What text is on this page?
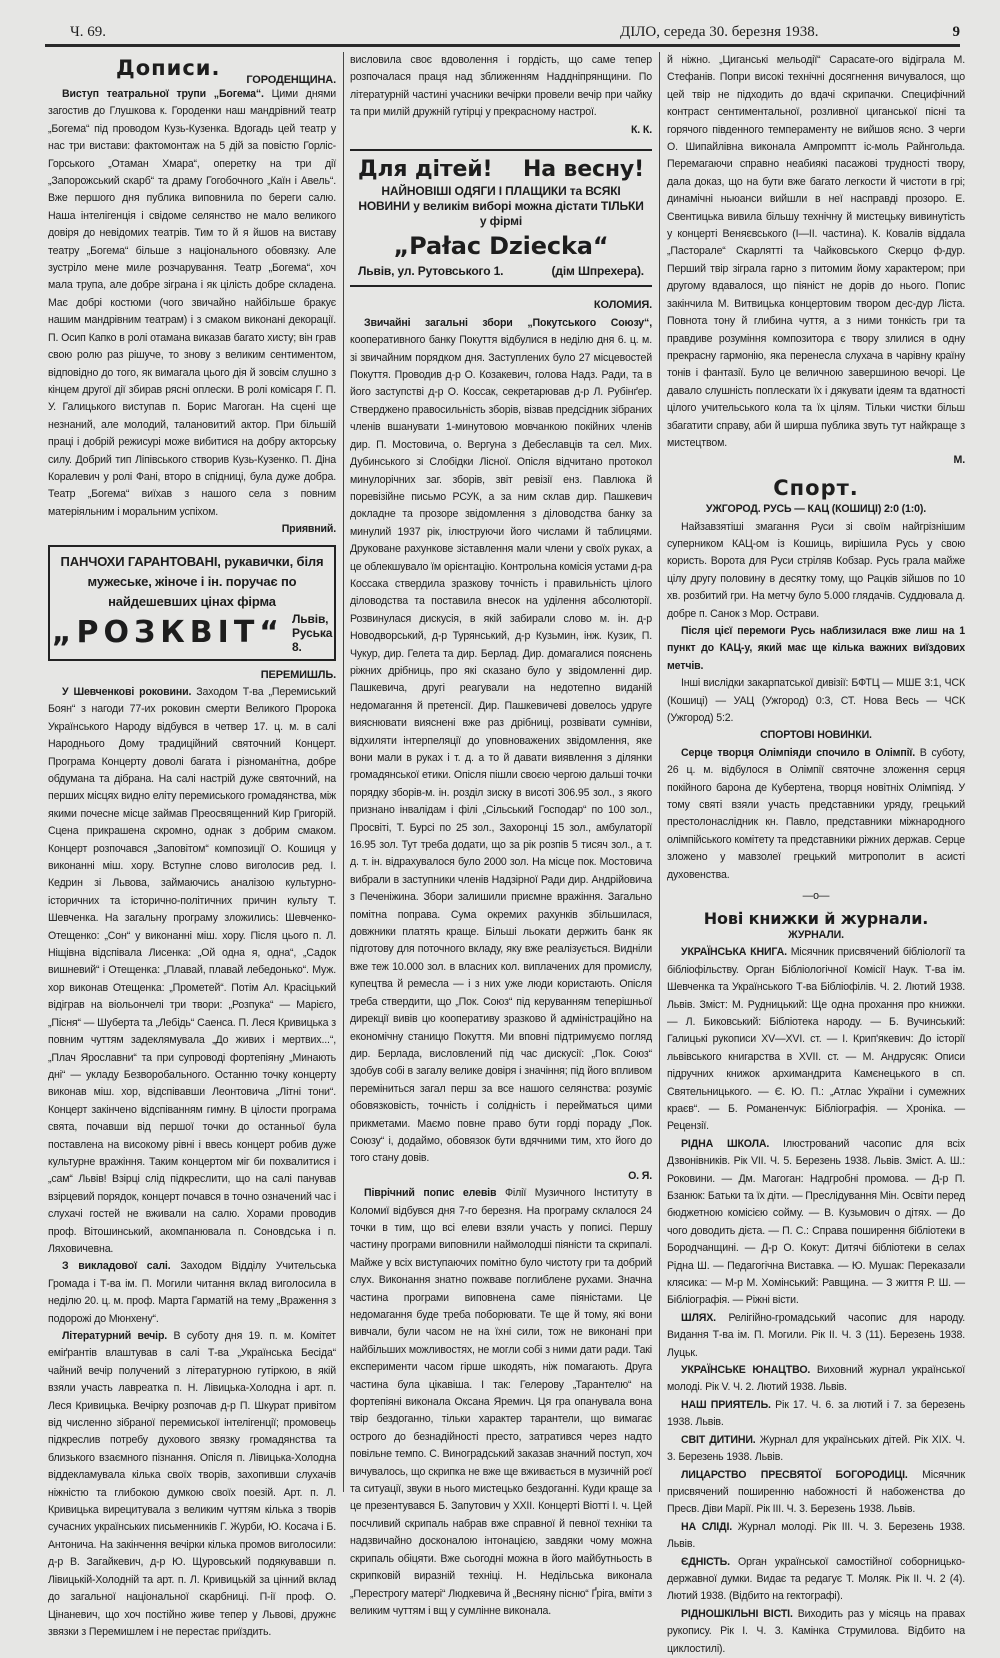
Ч. 69.	ДІЛО, середа 30. березня 1938.	9
Дописи. ГОРОДЕНЩИНА.

Виступ театральної трупи „Богема“. Цими днями загостив до Глушкова к. Городенки наш мандрівний театр „Богема“ під проводом Кузь-Кузенка. Вдогадь цей театр у нас три вистави: фактомонтаж на 5 дій за повістю Горліс-Горського „Отаман Хмара“, оперетку на три дії „Запорожський скарб“ та драму Гогобочного „Каїн і Авель“. Вже першого дня публика виповнила по береги салю. Наша інтелігенція і свідоме селянство не мало великого довіря до невідомих театрів. Тим то й я йшов на виставу театру „Богема“ більше з національного обовязку. Але зустріло мене миле розчарування. Театр „Богема“, хоч мала трупа, але добре зіграна і як цілість добре складена. Має добрі костюми (чого звичайно найбільше бракує нашим мандрівним театрам) і з смаком виконані декорації. П. Осип Капко в ролі отамана виказав багато хисту; він грав свою ролю раз рішуче, то знову з великим сентиментом, відповідно до того, як вимагала цього дія й зовсім слушно з кінцем другої дії збирав рясні оплески. В ролі комісаря Г. П. У. Галицького виступав п. Борис Магоган. На сцені ще незнаний, але молодий, талановитий актор. При більшій праці і добрій режисурі може вибитися на добру акторську силу. Добрий тип Ліпівського створив Кузь-Кузенко. П. Діна Коралевич у ролі Фані, второ в спідниці, була дуже добра. Театр „Богема“ виїхав з нашого села з повним матеріяльним і моральним успіхом.

Приявний.
ПАНЧОХИ ГАРАНТОВАНІ, рукавички, біля мужеське, жіноче і ін. поручає по найдешевших цінах фірма
„РОЗКВІТ“ Львів,
Руська 8.
ПЕРЕМИШЛЬ.

У Шевченкові роковини. Заходом Т-ва „Перемиський Боян“ з нагоди 77-их роковин смерти Великого Пророка Українського Народу відбувся в четвер 17. ц. м. в салі Народнього Дому традиційний святочний Концерт. Програма Концерту доволі багата і різноманітна, добре обдумана та дібрана. На салі настрій дуже святочний, на перших місцях видно еліту перемиського громадянства, між якими почесне місце займав Преосвященний Кир Григорій. Сцена прикрашена скромно, однак з добрим смаком. Концерт розпочався „Заповітом“ композиції О. Кошиця у виконанні міш. хору. Вступне слово виголосив ред. І. Кедрин зі Львова, займаючись аналізою культурно-історичних та історично-політичних причин культу Т. Шевченка. На загальну програму зложились: Шевченко-Отещенко: „Сон“ у виконанні міш. хору. Після цього п. Л. Ніщівна відспівала Лисенка: „Ой одна я, одна“, „Садок вишневий“ і Отещенка: „Плавай, плавай лебедонько“. Муж. хор виконав Отещенка: „Прометей“. Потім Ал. Красіцький відіграв на віольончелі три твори: „Розпука“ — Марієго, „Пісня“ — Шуберта та „Лебідь“ Саенса. П. Леся Кривицька з повним чуттям зaдеклямувала „До живих і мертвих...“, „Плач Ярославни“ та при супроводі фортепіяну „Минають дні“ — укладу Безворобального. Останню точку концерту виконав міш. хор, відспівавши Леонтовича „Літні тони“. Концерт закінчено відспіванням гимну. В цілости програма свята, почавши від першої точки до останньої була поставлена на високому рівні і ввесь концерт робив дуже культурне вражіння. Таким концертом міг би похвалитися і „сам“ Львів! Взірці слід підкреслити, що на салі панував взірцевий порядок, концерт почався в точно означений час і слухачі гостей не вживали на салю. Хорами проводив проф. Вітошинський, акомпанювала п. Соновдська і п. Ляховичевна.

З викладової салі. Заходом Відділу Учительська Громада і Т-ва ім. П. Могили читання вклад виголосила в неділю 20. ц. м. проф. Марта Гарматій на тему „Враження з подорожі до Мюнхену“.

Літературний вечір. В суботу дня 19. п. м. Комітет еміґрантів влаштував в салі Т-ва „Українська Бесіда“ чайний вечір получений з літературною гутіркою, в якій взяли участь лавреатка п. Н. Лівицька-Холодна і арт. п. Леся Кривицька. Вечірку розпочав д-р П. Шкурат привітом від численно зібраної перемиської інтелігенції; промовець підкреслив потребу духового звязку громадянства та близького взаємного пізнання. Опісля п. Лівицька-Холодна віддекламувала кілька своїх творів, захопивши слухачів ніжністю та глибокою думкою своїх поезій. Арт. п. Л. Кривицька вирецитувала з великим чуттям кілька з творів сучасних українських письменників Г. Журби, Ю. Косача і Б. Антонича. На закінчення вечірки кілька промов виголосили: д-р В. Загайкевич, д-р Ю. Щуровський подякувавши п. Лівицькій-Холодній та арт. п. Л. Кривицькій за цінний вклад до загальної національної скарбниці. П-ії проф. О. Цінаневич, що хоч постійно живе тепер у Львові, дружнє звязки з Перемишлем і не перестає приїздить.

висловила своє вдоволення і гордість, що саме тепер розпочалася праця над зближенням Наддніпрянщини. По літературній частині учасники вечірки провели вечір при чайку та при милій дружній гутірці у прекрасному настрої.

К. К.
Для дітей! На весну!
НАЙНОВІШІ ОДЯГИ І ПЛАЩИКИ та ВСЯКІ НОВИНИ у великім виборі можна дістати ТІЛЬКИ у фірмі
„Pałac Dziecka“
Львів, ул. Рутовського 1.	(дім Шпрехера).
КОЛОМИЯ.

Звичайні загальні збори „Покутського Союзу“, кооперативного банку Покуття відбулися в неділю дня 6. ц. м. зі звичайним порядком дня. Заступлених було 27 місцевостей Покуття. Проводив д-р О. Козакевич, голова Надз. Ради, та в його заступстві д-р О. Коссак, секретарював д-р Л. Рубінґер. Стверджено правосильність зборів, візвав предсідник зібраних членів вшанувати 1-минутовою мовчанкою покійних членів дир. П. Мостовича, о. Вергуна з Дебеславців та сел. Мих. Дубинського зі Слобідки Лісної. Опісля відчитано протокол минулорічних заг. зборів, звіт ревізії енз. Павлюка й поревізійне письмо РСУК, а за ним склав дир. Пашкевич докладне та прозоре звідомлення з діловодства банку за минулий 1937 рік, ілюструючи його числами й таблицями. Друковане рахункове зіставлення мали члени у своїх руках, а це облекшувало їм орієнтацію. Контрольна комісія устами д-ра Коссака ствердила зразкову точність і правильність цілого діловодства та поставила внесок на уділення абсолюторії. Розвинулася дискусія, в якій забирали слово м. ін. д-р Новодворський, д-р Турянський, д-р Кузьмин, інж. Кузик, П. Чукур, дир. Гелета та дир. Берлад. Дир. домагалися пояснень ріжних дрібниць, про які сказано було у звідомленні дир. Пашкевича, другі реагували на недотепно виданій недомагання й претенсії. Дир. Пашкевичеві довелось удруге вияснювати вияснені вже раз дрібниці, розвівати сумніви, відхиляти інтерпеляції до уповноважених звідомлення, яке вони мали в руках і т. д. а то й давати виявлення з ділянки громадянської етики. Опісля пішли своєю чергою дальші точки порядку зборів-м. ін. розділ зиску в висоті 306.95 зол., з якого признано інвалідам і філі „Сільський Господар“ по 100 зол., Просвіті, Т. Бурсі по 25 зол., Захоронці 15 зол., амбулаторії 16.95 зол. Тут треба додати, що за рік розпів 5 тисяч зол., а т. д. т. ін. відрахувалося було 2000 зол. На місце пок. Мостовича вибрали в заступники членів Надзірної Ради дир. Андрійовича з Печеніжина. Збори залишили приємне вражіння. Загально помітна поправа. Сума окремих рахунків збільшилася, довжники платять краще. Більші льокати держить банк як підготову для поточного вкладу, яку вже реалізується. Видніли вже теж 10.000 зол. в власних кол. виплачених для промислу, купецтва й ремесла — і з них уже люди користають. Опісля треба ствердити, що „Пок. Союз“ під керуванням теперішньої дирекції вивів цю кооперативу зразково й адміністраційно на економічну станицю Покуття. Ми вповні підтримуємо погляд дир. Берлада, висловлений під час дискусії: „Пок. Союз“ здобув собі в загалу велике довіря і значіння; під його впливом переміниться загал перш за все нашого селянства: розуміє обовязковість, точність і солідність і перейматься цими прикметами. Маємо повне право бути горді пораду „Пок. Союзу“ і, додаймо, обовязок бути вдячними тим, хто його до того стану довів.

О. Я.

Піврічний попис елевів Філії Музичного Інституту в Коломиї відбувся дня 7-го березня. На програму склалося 24 точки в тим, що всі елеви взяли участь у пописі. Першу частину програми виповнили наймолодші піяністи та скрипалі. Майже у всіх виступаючих помітно було чистоту гри та добрий слух. Виконання знатно пожваве поглиблене рухами. Значна частина програми виповнена саме піяністами. Це недомагання буде треба поборювати. Те ще й тому, які вони вивчали, були часом не на їхні сили, тож не виконані при найбільших можливостях, не могли собі з ними дати ради. Такі експерименти часом гірше шкодять, ніж помагають. Друга частина була цікавіша. І так: Гелерову „Тарантелю“ на фортепіяні виконала Оксана Яремич. Ця гра опанувала вона твір бездоганно, тільки характер тарантели, що вимагає острого до безнадійності престо, затратився через надто повільне темпо. С. Виноградський заказав значний поступ, хоч вичувалось, що скрипка не вже ще вживається в музичній роєї та ситуації, звуки в нього мистецько бездоганні. Куди краще за це презентувався Б. Запутович у XXII. Концерті Віотті І. ч. Цей посчливий скрипаль набрав вже справної й певної техніки та надзвичайно досконалою інтонацією, завдяки чому можна скрипаль обіцяти. Вже сьогодні можна в його майбутньость в скрипковій виразній техніці. Н. Недільська виконала „Перестрогу матері“ Людкевича й „Весняну пісню“ Ґріга, вміти з великим чуттям і вщ у сумлінне виконала.

й ніжно. „Циганські мельодії“ Сарасате-ого відіграла М. Стефанів. Попри високі технічні досягнення вичувалося, що цей твір не підходить до вдачі скрипачки. Специфічний контраст сентиментальної, розливної циганської пісні та горячого південного темпераменту не вийшов ясно. З черги О. Шипайлівна виконала Ампромптт іс-моль Райнгольда. Перемагаючи справно неабиякі пасажові трудності твору, дала доказ, що на бути вже багато легкости й чистоти в грі; динамічні ньюанси вийшли в неї насправді прозоро. Е. Свентицька вивила більшу технічну й мистецьку вивинутість у концерті Веняєвського (I—II. частина). К. Ковалів віддала „Пасторале“ Скарлятті та Чайковського Скерцо ф-дур. Перший твір зіграла гарно з питомим йому характером; при другому вдавалося, що піяніст не дорів до нього. Попис закінчила М. Витвицька концертовим твором дес-дур Ліста. Повнота тону й глибина чуття, а з ними тонкість гри та правдиве розуміння композитора є твору злилися в одну прекрасну гармонію, яка перенесла слухача в чарівну країну тонів і фантазії. Було це величною завершиною вечорі. Це давало слушність поплескати їх і дякувати ідеям та вдатності цілого учительського кола та їх цілям. Тільки чистки більш збагатити справу, аби й ширша публика звуть тут найкраще з мистецтвом.

М.
Спорт.
УЖГОРОД. РУСЬ — КАЦ (КОШИЦІ) 2:0 (1:0).

Найзавзятіші змагання Руси зі своїм найгрізнішим суперником КАЦ-ом із Кошиць, вирішила Русь у свою користь. Ворота для Руси стріляв Кобзар. Русь грала майже цілу другу половину в десятку тому, що Рацків зійшов по 10 хв. розбитий гри. На метчу було 5.000 глядачів. Суддювала д. добре п. Санок з Мор. Острави.

Після цієї перемоги Русь наблизилася вже лиш на 1 пункт до КАЦ-у, який має ще кілька важних виїздових метчів.

Інші вислідки закарпатської дивізії: БФТЦ — МШЕ 3:1, ЧСК (Кошиці) — УАЦ (Ужгород) 0:3, СТ. Нова Весь — ЧСК (Ужгород) 5:2.

СПОРТОВІ НОВИНКИ.

Серце творця Олімпіяди спочило в Олімпії. В суботу, 26 ц. м. відбулося в Олімпії святочне зложення серця покійного барона де Кубертена, творця новітніх Олімпіяд. У тому святі взяли участь представники уряду, грецький престолонаслідник кн. Павло, представники міжнародного олімпійського комітету та представники ріжних держав. Серце зложено у мавзолеї грецький митрополит в асисті духовенства.

—o—
Нові книжки й журнали.
ЖУРНАЛИ.

УКРАЇНСЬКА КНИГА. Місячник присвячений бібліології та бібліофільству. Орган Бібліологічної Комісії Наук. Т-ва ім. Шевченка та Українського Т-ва Бібліофілів. Ч. 2. Лютий 1938. Львів. Зміст: М. Рудницький: Ще одна прохання про книжки. — Л. Биковський: Бібліотека народу. — Б. Вучинський: Галицькі рукописи XV—XVI. ст. — І. Крип'якевич: До історії львівського книгарства в XVII. ст. — М. Андрусяк: Описи підручних книжок архимандрита Камєнецького в сп. Святельницького. — Є. Ю. П.: „Атлас України і сумежних краєв“. — Б. Романенчук: Бібліографія. — Хроніка. — Рецензії.

РІДНА ШКОЛА. Ілюстрований часопис для всіх Дзвонівників. Рік VII. Ч. 5. Березень 1938. Львів. Зміст. А. Ш.: Роковини. — Дм. Магоган: Надгробні промова. — Д-р П. Бзанюк: Батьки та їх діти. — Преслідування Мін. Освіти перед бюджетною комісією сойму. — В. Кузьмович о дітях. — До чого доводить дієта. — П. С.: Справа поширення бібліотеки в Бородчанщині. — Д-р О. Кокут: Дитячі бібліотеки в селах Рідна Ш. — Педагогічна Виставка. — Ю. Мушак: Переказали клясика: — М-р М. Хомінський: Равщина. — З життя Р. Ш. — Бібліографія. — Ріжні вісти.

ШЛЯХ. Релігійно-громадський часопис для народу. Видання Т-ва ім. П. Могили. Рік II. Ч. 3 (11). Березень 1938. Луцьк.

УКРАЇНСЬКЕ ЮНАЦТВО. Виховний журнал української молоді. Рік V. Ч. 2. Лютий 1938. Львів.

НАШ ПРИЯТЕЛЬ. Рік 17. Ч. 6. за лютий і 7. за березень 1938. Львів.

СВІТ ДИТИНИ. Журнал для українських дітей. Рік XIX. Ч. 3. Березень 1938. Львів.

ЛИЦАРСТВО ПРЕСВЯТОЇ БОГОРОДИЦІ. Місячник присвячений поширенню набожності й набоженства до Пресв. Діви Марії. Рік III. Ч. 3. Березень 1938. Львів.

НА СЛІДІ. Журнал молоді. Рік III. Ч. 3. Березень 1938. Львів.

ЄДНІСТЬ. Орган української самостійної соборницько-державної думки. Видає та редагує Т. Моляк. Рік II. Ч. 2 (4). Лютий 1938. (Відбито на гектографі).

РІДНОШКІЛЬНІ ВІСТІ. Виходить раз у місяць на правах рукопису. Рік I. Ч. 3. Камінка Струмилова. Відбито на циклостилі).
